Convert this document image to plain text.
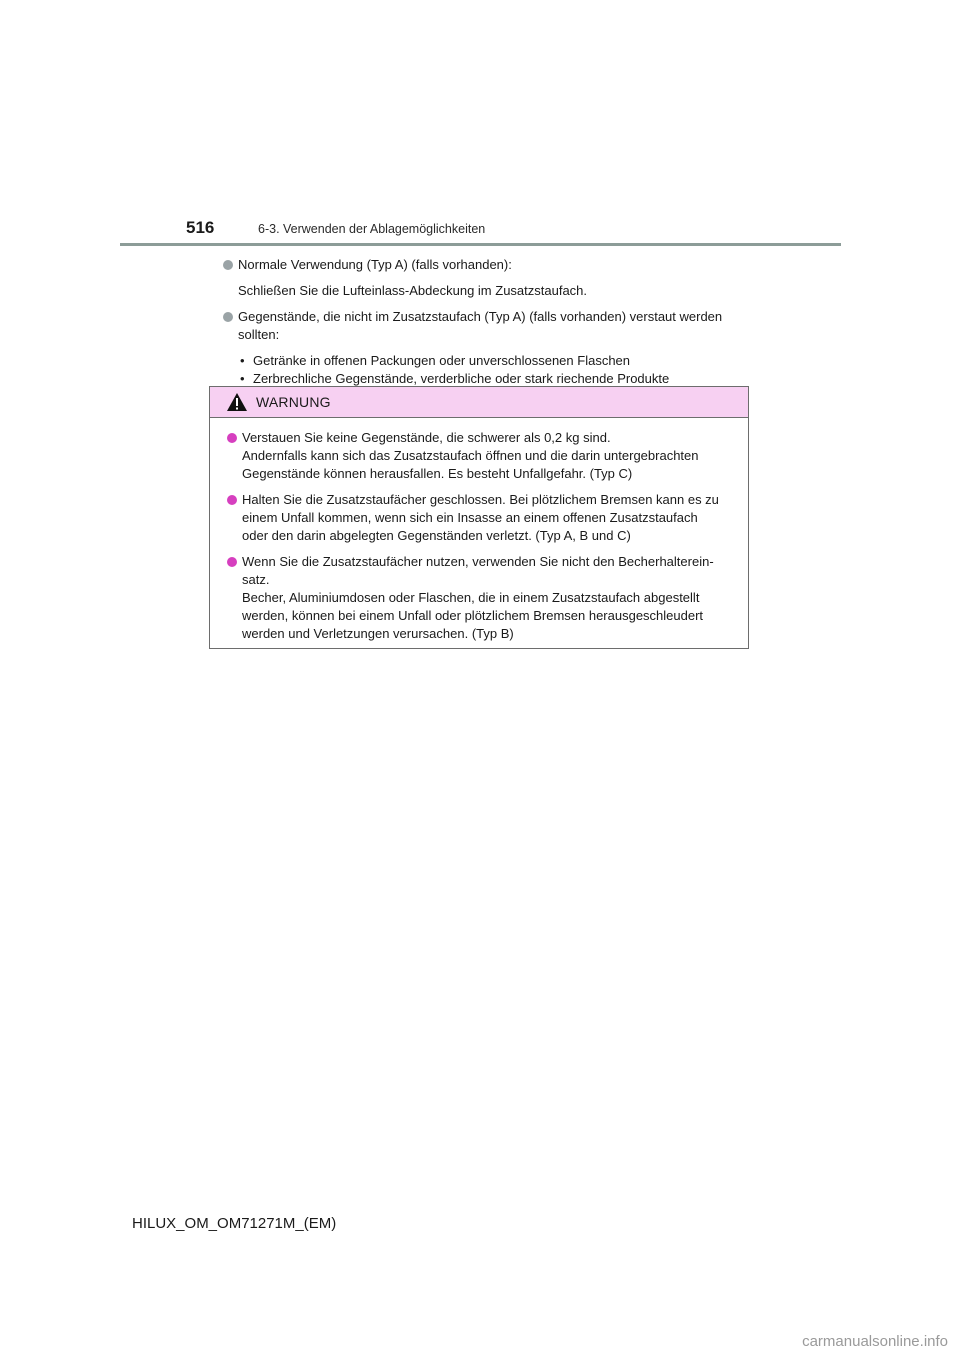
516	6-3. Verwenden der Ablagemöglichkeiten

Normale Verwendung (Typ A) (falls vorhanden):

Schließen Sie die Lufteinlass-Abdeckung im Zusatzstaufach.

Gegenstände, die nicht im Zusatzstaufach (Typ A) (falls vorhanden) verstaut werden
sollten:

• Getränke in offenen Packungen oder unverschlossenen Flaschen
• Zerbrechliche Gegenstände, verderbliche oder stark riechende Produkte
WARNUNG
Verstauen Sie keine Gegenstände, die schwerer als 0,2 kg sind.
Andernfalls kann sich das Zusatzstaufach öffnen und die darin untergebrachten
Gegenstände können herausfallen. Es besteht Unfallgefahr. (Typ C)
Halten Sie die Zusatzstaufächer geschlossen. Bei plötzlichem Bremsen kann es zu
einem Unfall kommen, wenn sich ein Insasse an einem offenen Zusatzstaufach
oder den darin abgelegten Gegenständen verletzt. (Typ A, B und C)
Wenn Sie die Zusatzstaufächer nutzen, verwenden Sie nicht den Becherhalterein-
satz.
Becher, Aluminiumdosen oder Flaschen, die in einem Zusatzstaufach abgestellt
werden, können bei einem Unfall oder plötzlichem Bremsen herausgeschleudert
werden und Verletzungen verursachen. (Typ B)
HILUX_OM_OM71271M_(EM)
carmanualsonline.info
